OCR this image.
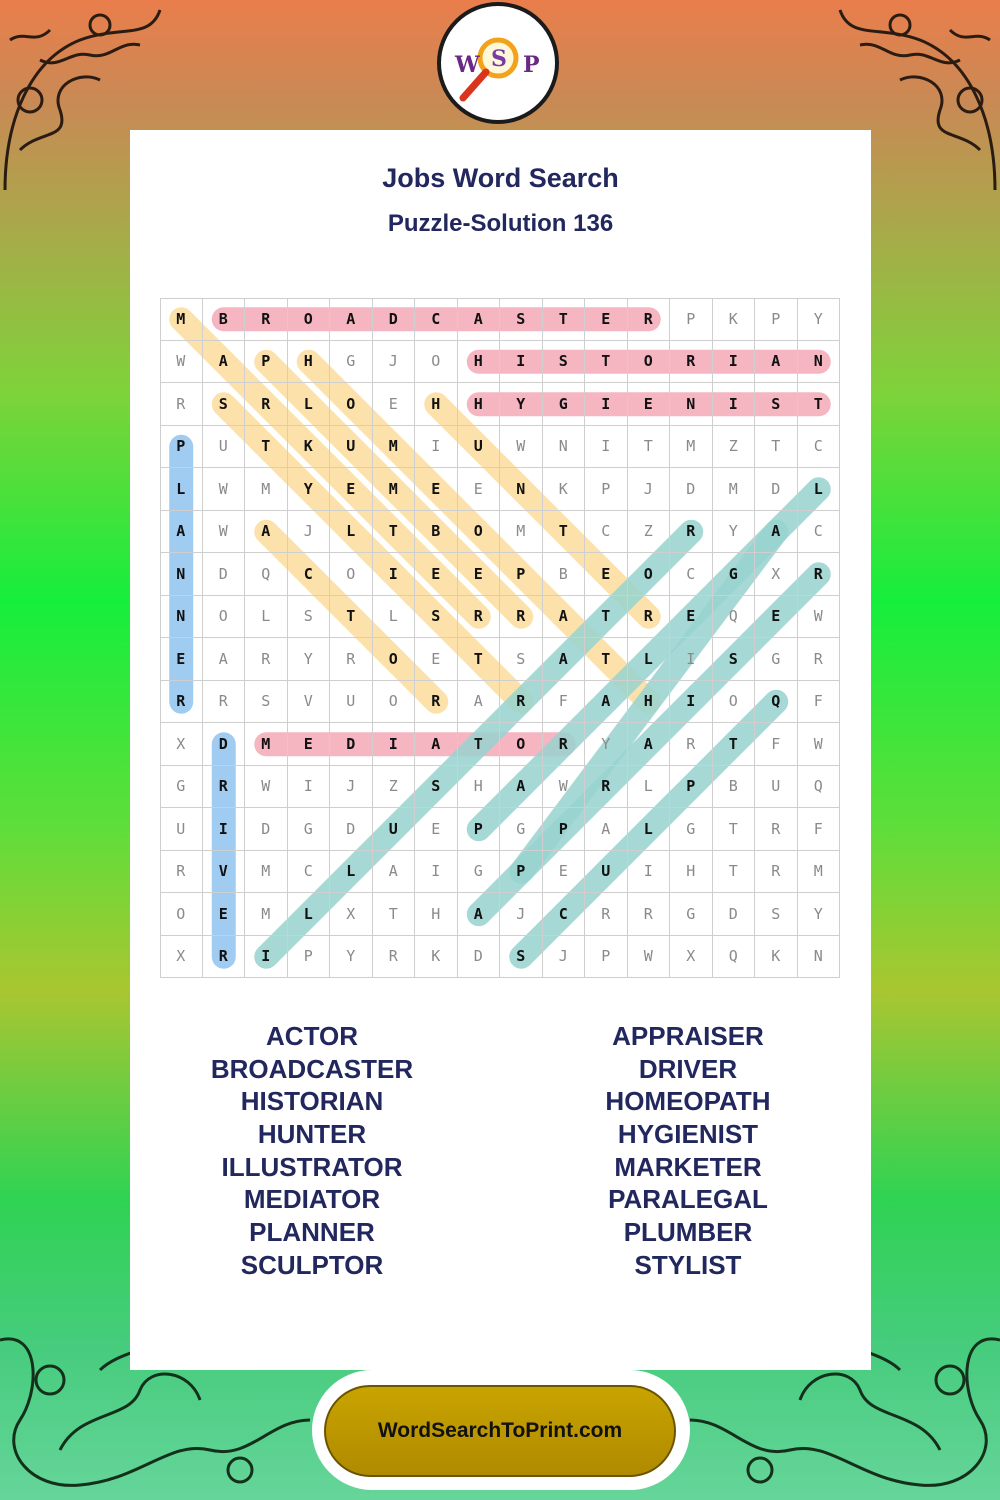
W S P
Jobs Word Search
Puzzle-Solution 136
M	B	R	O	A	D	C	A	S	T	E	R	P	K	P	Y
W	A	P	H	G	J	O	H	I	S	T	O	R	I	A	N
R	S	R	L	O	E	H	H	Y	G	I	E	N	I	S	T
P	U	T	K	U	M	I	U	W	N	I	T	M	Z	T	C
L	W	M	Y	E	M	E	E	N	K	P	J	D	M	D	L
A	W	A	J	L	T	B	O	M	T	C	Z	R	Y	A	C
N	D	Q	C	O	I	E	E	P	B	E	O	C	G	X	R
N	O	L	S	T	L	S	R	R	A	T	R	E	Q	E	W
E	A	R	Y	R	O	E	T	S	A	T	L	I	S	G	R
R	R	S	V	U	O	R	A	R	F	A	H	I	O	Q	F
X	D	M	E	D	I	A	T	O	R	Y	A	R	T	F	W
G	R	W	I	J	Z	S	H	A	W	R	L	P	B	U	Q
U	I	D	G	D	U	E	P	G	P	A	L	G	T	R	F
R	V	M	C	L	A	I	G	P	E	U	I	H	T	R	M
O	E	M	L	X	T	H	A	J	C	R	R	G	D	S	Y
X	R	I	P	Y	R	K	D	S	J	P	W	X	Q	K	N
ACTOR
BROADCASTER
HISTORIAN
HUNTER
ILLUSTRATOR
MEDIATOR
PLANNER
SCULPTOR
APPRAISER
DRIVER
HOMEOPATH
HYGIENIST
MARKETER
PARALEGAL
PLUMBER
STYLIST
WordSearchToPrint.com
